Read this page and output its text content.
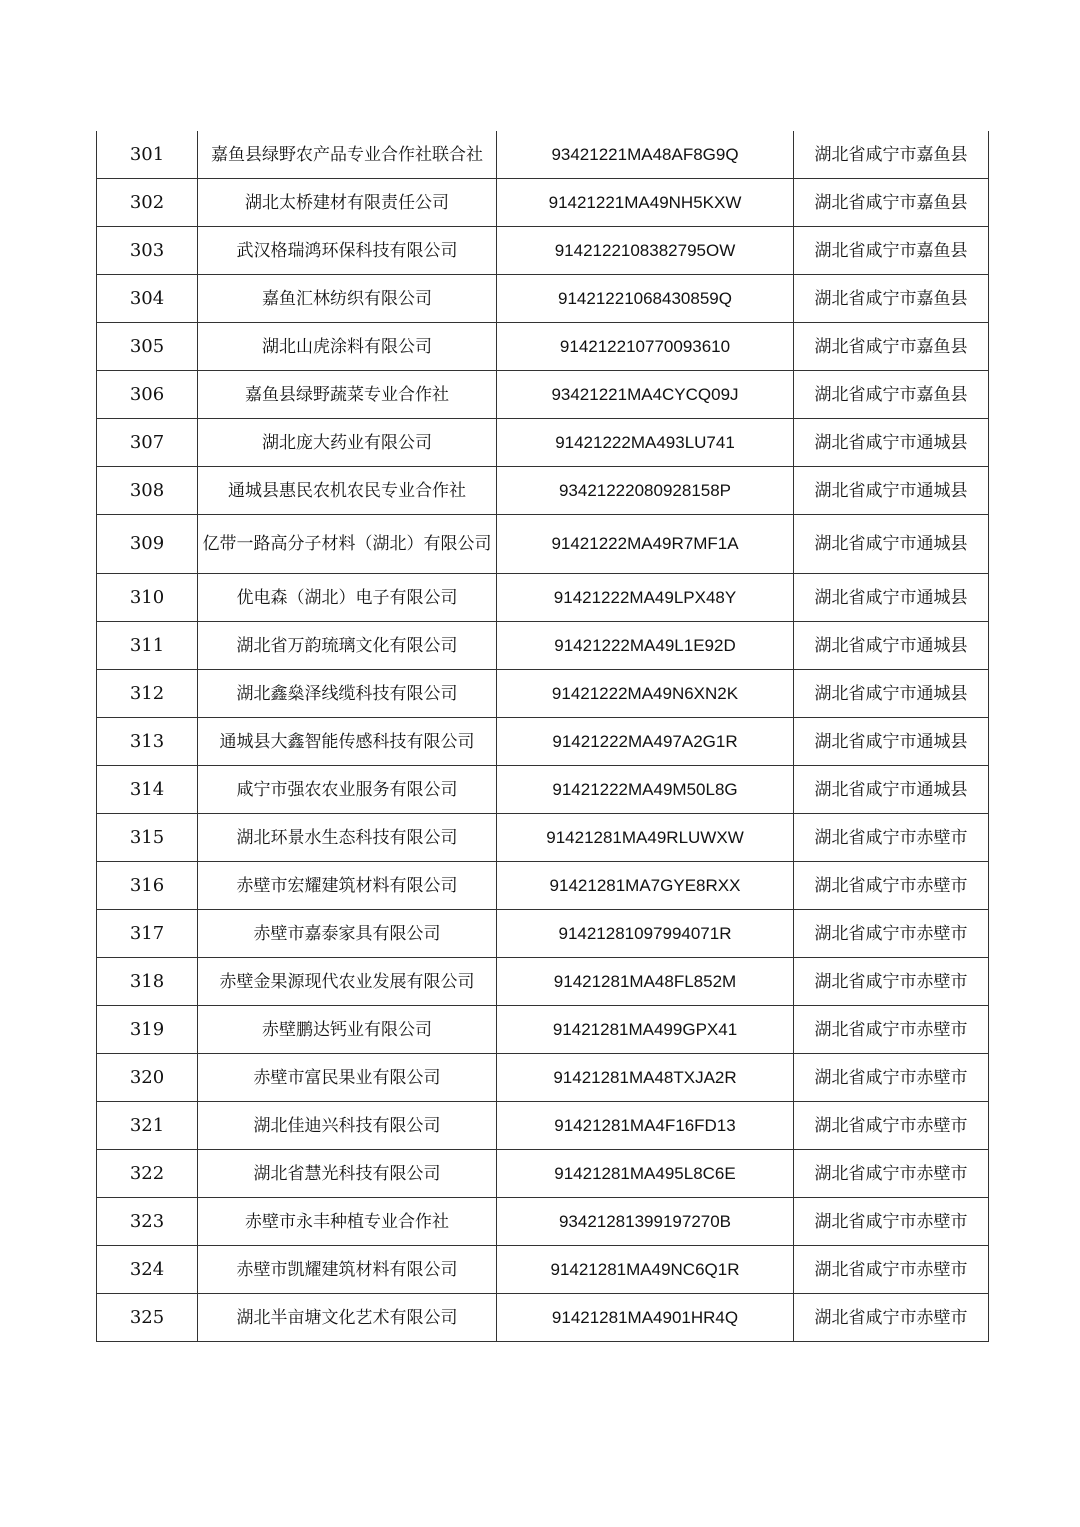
301	嘉鱼县绿野农产品专业合作社联合社	93421221MA48AF8G9Q	湖北省咸宁市嘉鱼县
302	湖北太桥建材有限责任公司	91421221MA49NH5KXW	湖北省咸宁市嘉鱼县
303	武汉格瑞鸿环保科技有限公司	9142122108382795OW	湖北省咸宁市嘉鱼县
304	嘉鱼汇林纺织有限公司	91421221068430859Q	湖北省咸宁市嘉鱼县
305	湖北山虎涂料有限公司	914212210770093610	湖北省咸宁市嘉鱼县
306	嘉鱼县绿野蔬菜专业合作社	93421221MA4CYCQ09J	湖北省咸宁市嘉鱼县
307	湖北庞大药业有限公司	91421222MA493LU741	湖北省咸宁市通城县
308	通城县惠民农机农民专业合作社	93421222080928158P	湖北省咸宁市通城县
309	亿带一路高分子材料（湖北）有限公司	91421222MA49R7MF1A	湖北省咸宁市通城县
310	优电森（湖北）电子有限公司	91421222MA49LPX48Y	湖北省咸宁市通城县
311	湖北省万韵琉璃文化有限公司	91421222MA49L1E92D	湖北省咸宁市通城县
312	湖北鑫燊泽线缆科技有限公司	91421222MA49N6XN2K	湖北省咸宁市通城县
313	通城县大鑫智能传感科技有限公司	91421222MA497A2G1R	湖北省咸宁市通城县
314	咸宁市强农农业服务有限公司	91421222MA49M50L8G	湖北省咸宁市通城县
315	湖北环景水生态科技有限公司	91421281MA49RLUWXW	湖北省咸宁市赤壁市
316	赤壁市宏耀建筑材料有限公司	91421281MA7GYE8RXX	湖北省咸宁市赤壁市
317	赤壁市嘉泰家具有限公司	91421281097994071R	湖北省咸宁市赤壁市
318	赤壁金果源现代农业发展有限公司	91421281MA48FL852M	湖北省咸宁市赤壁市
319	赤壁鹏达钙业有限公司	91421281MA499GPX41	湖北省咸宁市赤壁市
320	赤壁市富民果业有限公司	91421281MA48TXJA2R	湖北省咸宁市赤壁市
321	湖北佳迪兴科技有限公司	91421281MA4F16FD13	湖北省咸宁市赤壁市
322	湖北省慧光科技有限公司	91421281MA495L8C6E	湖北省咸宁市赤壁市
323	赤壁市永丰种植专业合作社	93421281399197270B	湖北省咸宁市赤壁市
324	赤壁市凯耀建筑材料有限公司	91421281MA49NC6Q1R	湖北省咸宁市赤壁市
325	湖北半亩塘文化艺术有限公司	91421281MA4901HR4Q	湖北省咸宁市赤壁市
